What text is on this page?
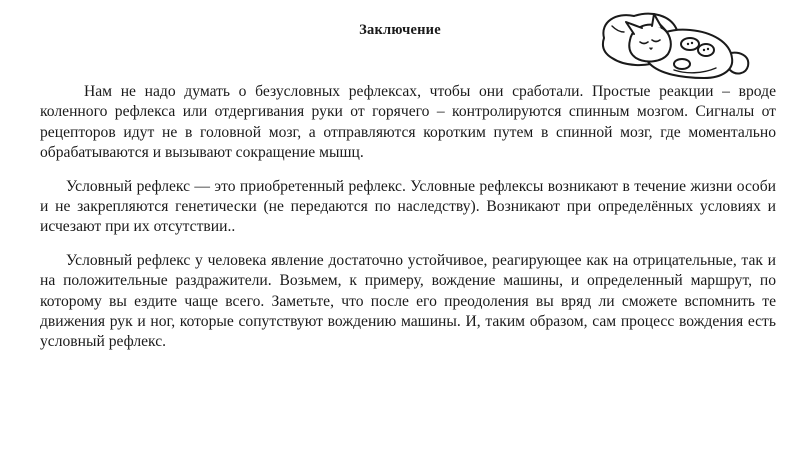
Заключение

Нам не надо думать о безусловных рефлексах, чтобы они сработали. Простые реакции – вроде коленного рефлекса или отдергивания руки от горячего – контролируются спинным мозгом. Сигналы от рецепторов идут не в головной мозг, а отправляются коротким путем в спинной мозг, где моментально обрабатываются и вызывают сокращение мышц.

Условный рефлекс — это приобретенный рефлекс. Условные рефлексы возникают в течение жизни особи и не закрепляются генетически (не передаются по наследству). Возникают при определённых условиях и исчезают при их отсутствии..

Условный рефлекс у человека явление достаточно устойчивое, реагирующее как на отрицательные, так и на положительные раздражители. Возьмем, к примеру, вождение машины, и определенный маршрут, по которому вы ездите чаще всего. Заметьте, что после его преодоления вы вряд ли сможете вспомнить те движения рук и ног, которые сопутствуют вождению машины. И, таким образом, сам процесс вождения есть условный рефлекс.
